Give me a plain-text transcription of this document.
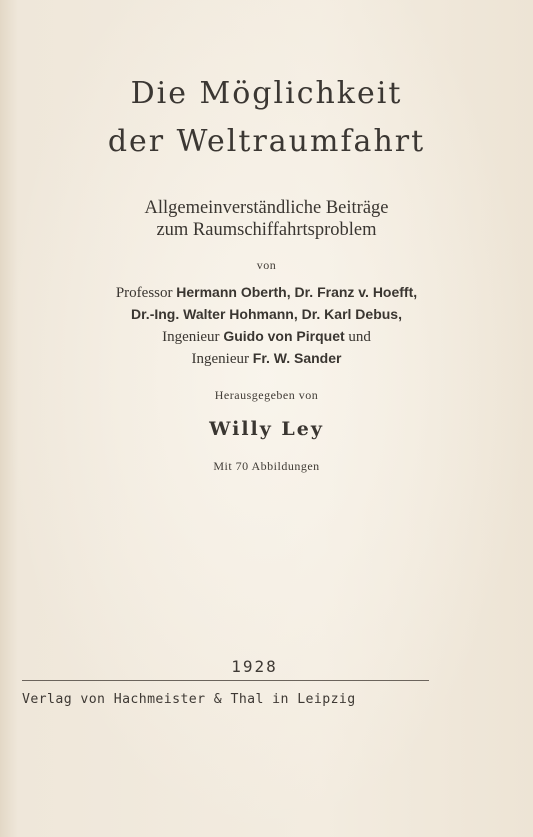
Die Möglichkeit
der Weltraumfahrt
Allgemeinverständliche Beiträge
zum Raumschiffahrtsproblem
von
Professor Hermann Oberth, Dr. Franz v. Hoefft,
Dr.-Ing. Walter Hohmann, Dr. Karl Debus,
Ingenieur Guido von Pirquet und
Ingenieur Fr. W. Sander
Herausgegeben von
Willy Ley
Mit 70 Abbildungen
1928
Verlag von Hachmeister & Thal in Leipzig
